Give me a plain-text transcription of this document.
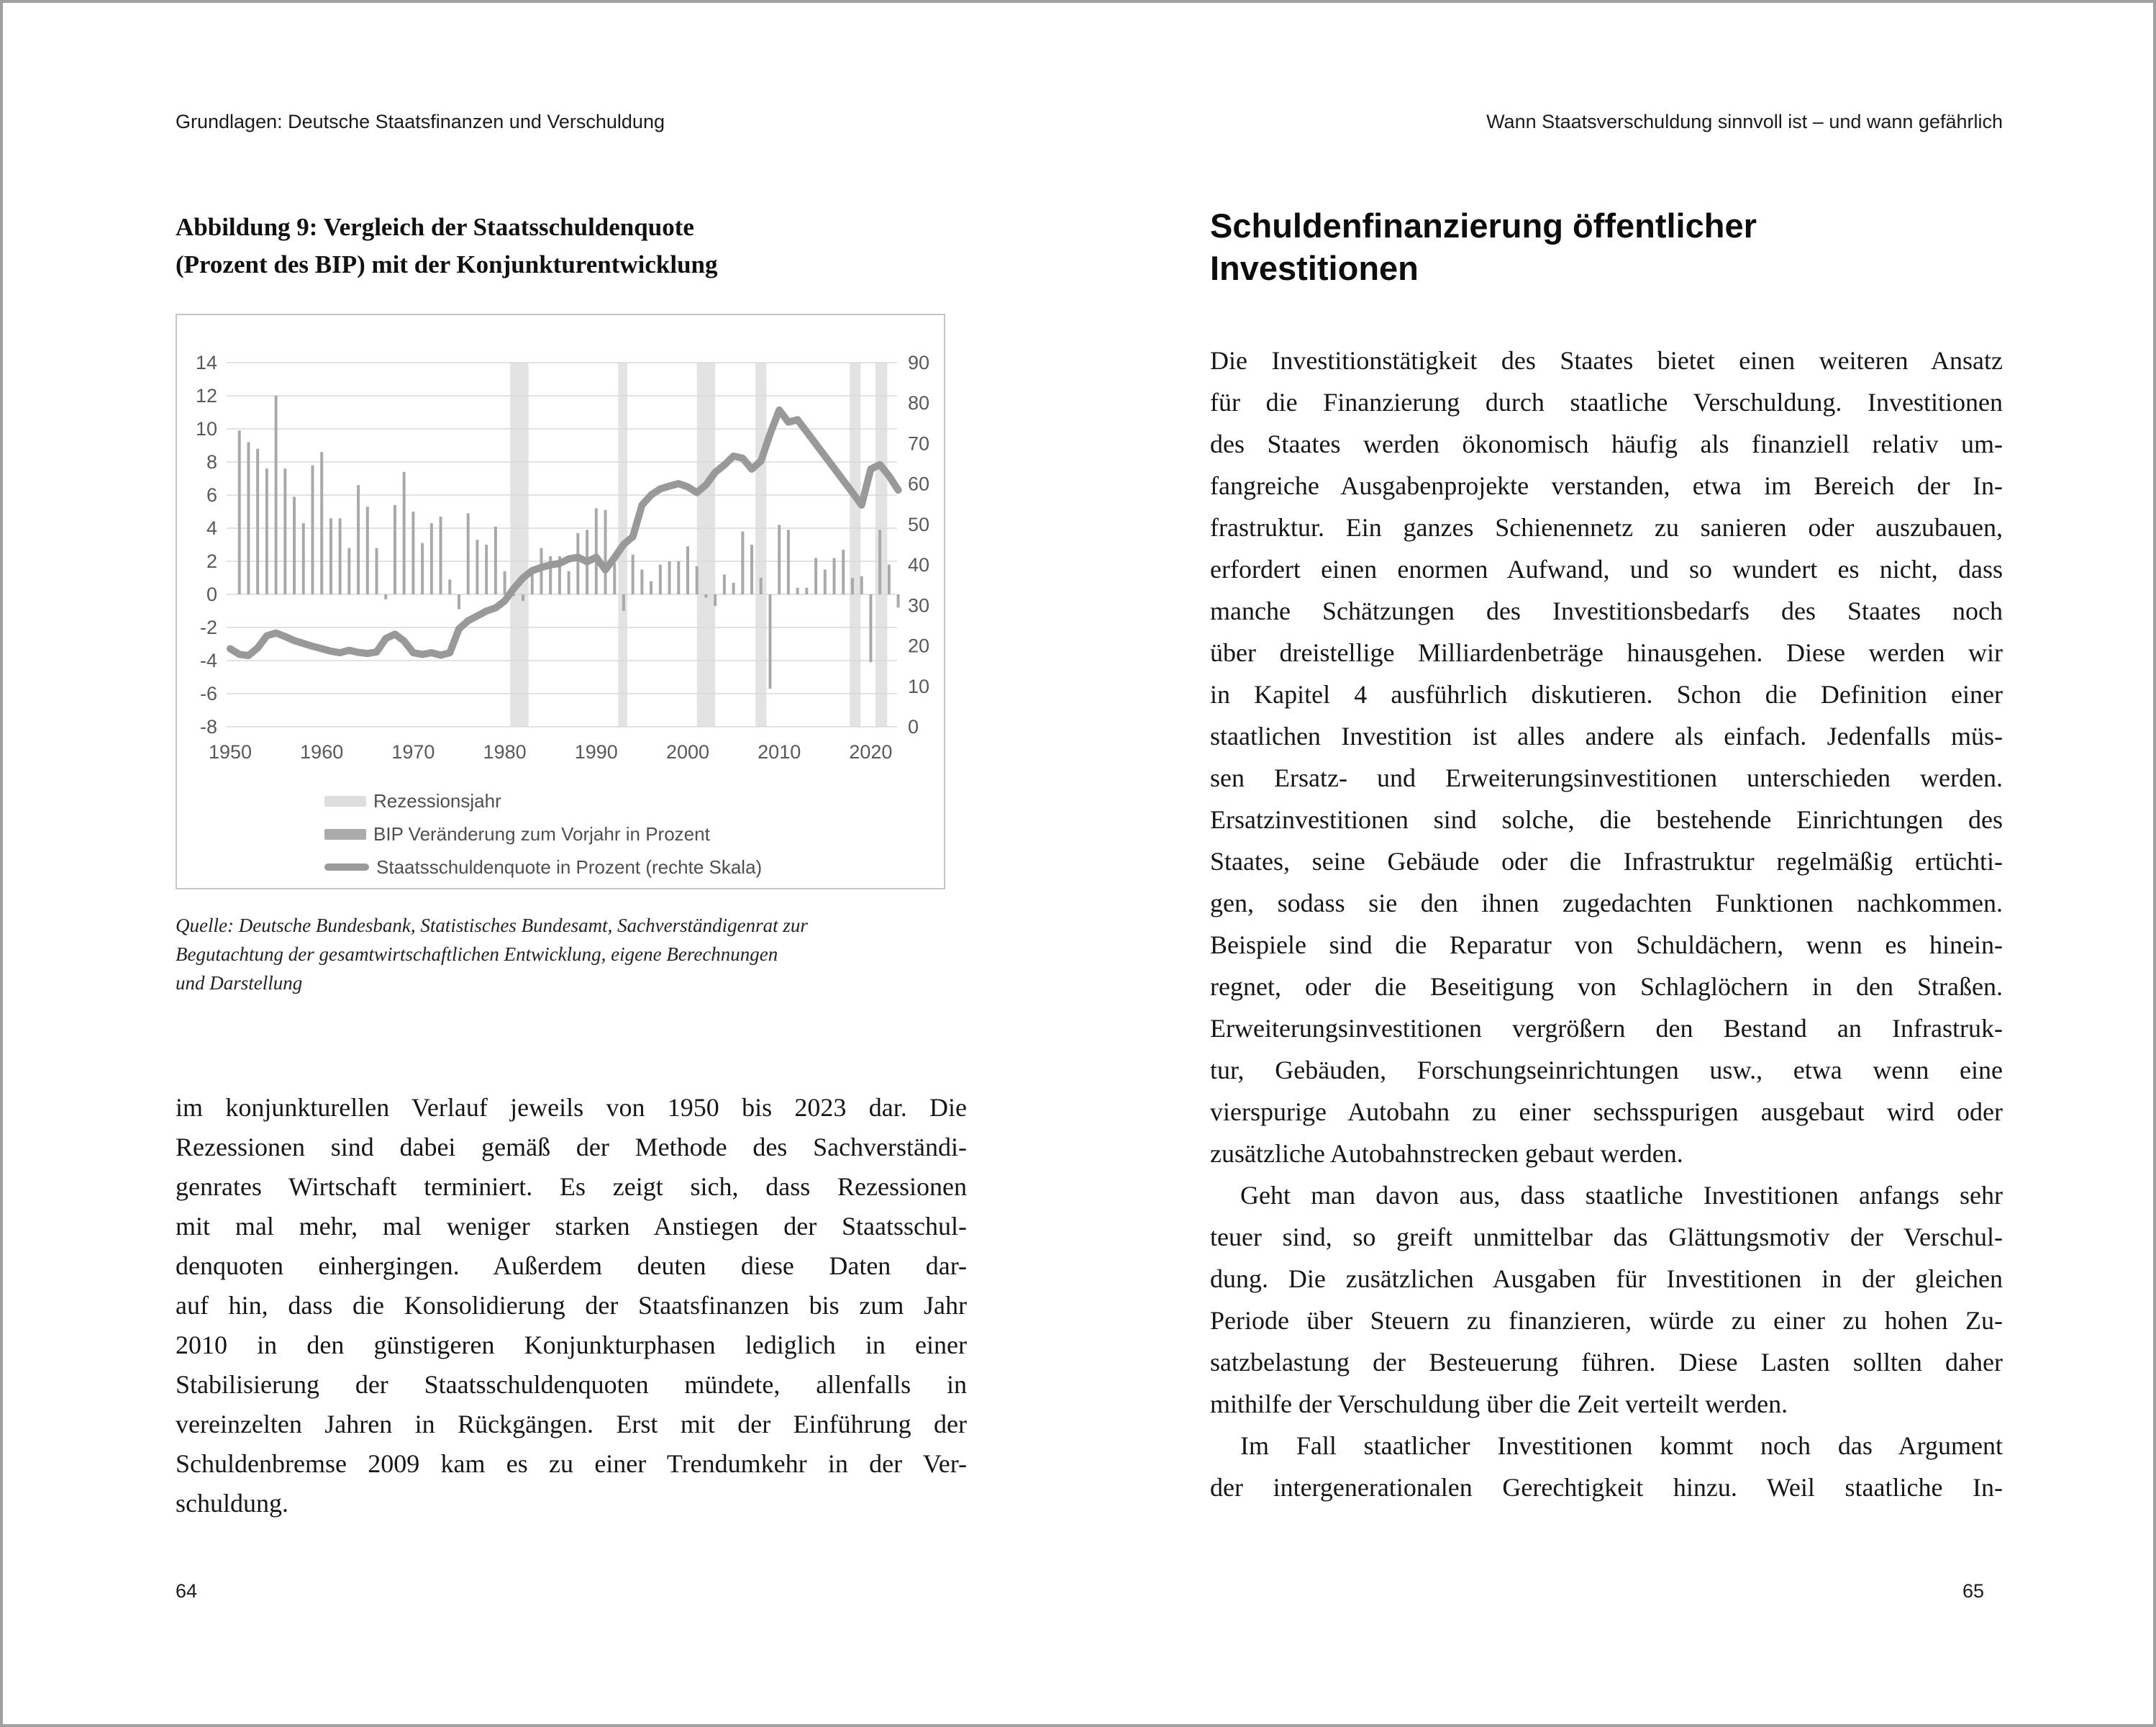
Grundlagen: Deutsche Staatsfinanzen und Verschuldung
Abbildung 9: Vergleich der Staatsschuldenquote
(Prozent des BIP) mit der Konjunkturentwicklung
14
12
10
8
6
4
2
0
-2
-4
-6
-8
90
80
70
60
50
40
30
20
10
0
1950 1960 1970 1980 1990 2000 2010 2020
Rezessionsjahr
BIP Veränderung zum Vorjahr in Prozent
Staatsschuldenquote in Prozent (rechte Skala)
Quelle: Deutsche Bundesbank, Statistisches Bundesamt, Sachverständigenrat zur
Begutachtung der gesamtwirtschaftlichen Entwicklung, eigene Berechnungen
und Darstellung
im konjunkturellen Verlauf jeweils von 1950 bis 2023 dar. Die
Rezessionen sind dabei gemäß der Methode des Sachverständi-
genrates Wirtschaft terminiert. Es zeigt sich, dass Rezessionen
mit mal mehr, mal weniger starken Anstiegen der Staatsschul-
denquoten einhergingen. Außerdem deuten diese Daten dar-
auf hin, dass die Konsolidierung der Staatsfinanzen bis zum Jahr
2010 in den günstigeren Konjunkturphasen lediglich in einer
Stabilisierung der Staatsschuldenquoten mündete, allenfalls in
vereinzelten Jahren in Rückgängen. Erst mit der Einführung der
Schuldenbremse 2009 kam es zu einer Trendumkehr in der Ver-
schuldung.
64
Wann Staatsverschuldung sinnvoll ist – und wann gefährlich
Schuldenfinanzierung öffentlicher
Investitionen
Die Investitionstätigkeit des Staates bietet einen weiteren Ansatz
für die Finanzierung durch staatliche Verschuldung. Investitionen
des Staates werden ökonomisch häufig als finanziell relativ um-
fangreiche Ausgabenprojekte verstanden, etwa im Bereich der In-
frastruktur. Ein ganzes Schienennetz zu sanieren oder auszubauen,
erfordert einen enormen Aufwand, und so wundert es nicht, dass
manche Schätzungen des Investitionsbedarfs des Staates noch
über dreistellige Milliardenbeträge hinausgehen. Diese werden wir
in Kapitel 4 ausführlich diskutieren. Schon die Definition einer
staatlichen Investition ist alles andere als einfach. Jedenfalls müs-
sen Ersatz- und Erweiterungsinvestitionen unterschieden werden.
Ersatzinvestitionen sind solche, die bestehende Einrichtungen des
Staates, seine Gebäude oder die Infrastruktur regelmäßig ertüchti-
gen, sodass sie den ihnen zugedachten Funktionen nachkommen.
Beispiele sind die Reparatur von Schuldächern, wenn es hinein-
regnet, oder die Beseitigung von Schlaglöchern in den Straßen.
Erweiterungsinvestitionen vergrößern den Bestand an Infrastruk-
tur, Gebäuden, Forschungseinrichtungen usw., etwa wenn eine
vierspurige Autobahn zu einer sechsspurigen ausgebaut wird oder
zusätzliche Autobahnstrecken gebaut werden.
Geht man davon aus, dass staatliche Investitionen anfangs sehr
teuer sind, so greift unmittelbar das Glättungsmotiv der Verschul-
dung. Die zusätzlichen Ausgaben für Investitionen in der gleichen
Periode über Steuern zu finanzieren, würde zu einer zu hohen Zu-
satzbelastung der Besteuerung führen. Diese Lasten sollten daher
mithilfe der Verschuldung über die Zeit verteilt werden.
Im Fall staatlicher Investitionen kommt noch das Argument
der intergenerationalen Gerechtigkeit hinzu. Weil staatliche In-
65
